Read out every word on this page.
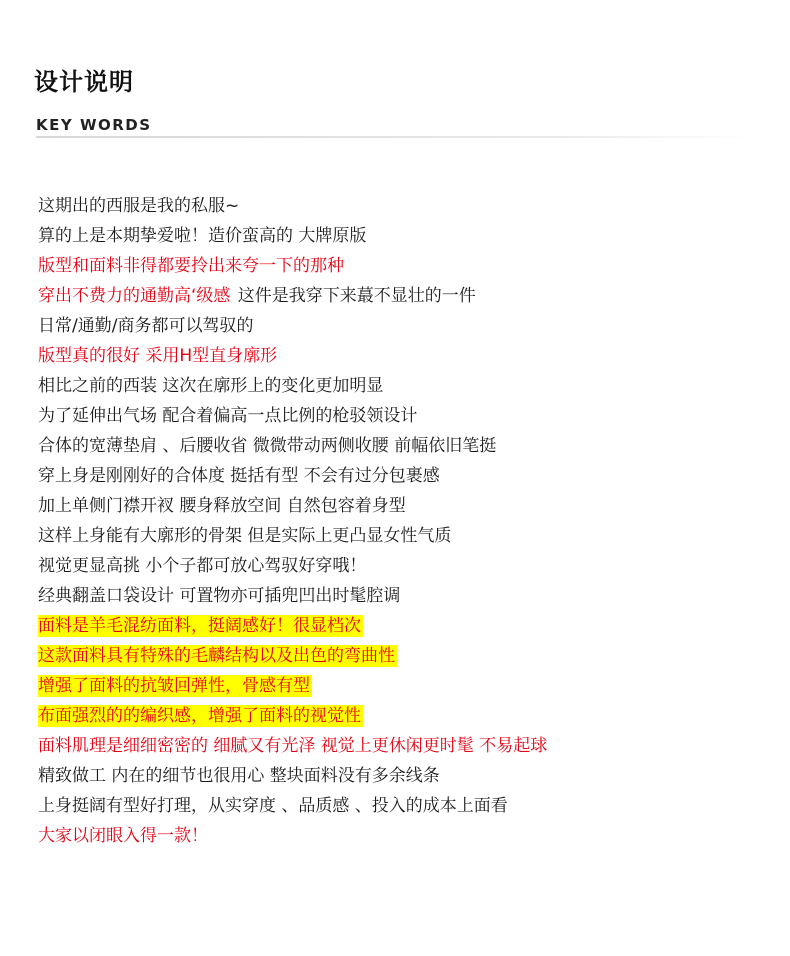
设计说明
KEY WORDS
这期出的西服是我的私服~
算的上是本期挚爱啦！造价蛮高的 大牌原版
版型和面料非得都要拎出来夸一下的那种
穿出不费力的通勤高‘级感 这件是我穿下来蕞不显壮的一件
日常/通勤/商务都可以驾驭的
版型真的很好 采用H型直身廓形
相比之前的西装 这次在廓形上的变化更加明显
为了延伸出气场 配合着偏高一点比例的枪驳领设计
合体的宽薄垫肩 、后腰收省 微微带动两侧收腰 前幅依旧笔挺
穿上身是刚刚好的合体度 挺括有型 不会有过分包裹感
加上单侧门襟开衩 腰身释放空间 自然包容着身型
这样上身能有大廓形的骨架 但是实际上更凸显女性气质
视觉更显高挑 小个子都可放心驾驭好穿哦！
经典翻盖口袋设计 可置物亦可插兜凹出时髦腔调
面料是羊毛混纺面料，挺阔感好！很显档次
这款面料具有特殊的毛麟结构以及出色的弯曲性
增强了面料的抗皱回弹性，骨感有型
布面强烈的的编织感，增强了面料的视觉性
面料肌理是细细密密的 细腻又有光泽 视觉上更休闲更时髦 不易起球
精致做工 内在的细节也很用心 整块面料没有多余线条
上身挺阔有型好打理，从实穿度 、品质感 、投入的成本上面看
大家以闭眼入得一款！
